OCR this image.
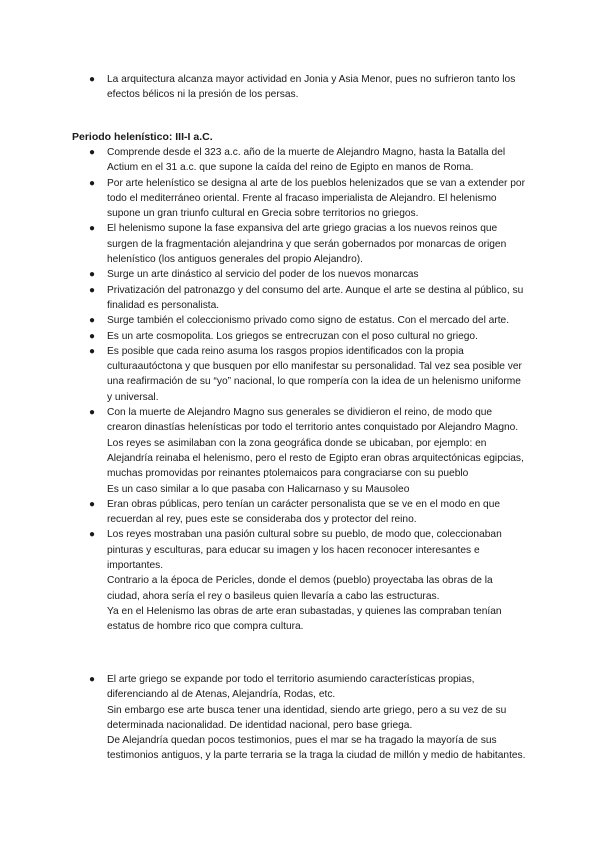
● La arquitectura alcanza mayor actividad en Jonia y Asia Menor, pues no sufrieron tanto los efectos bélicos ni la presión de los persas.

Periodo helenístico: III-I a.C.
● Comprende desde el 323 a.c. año de la muerte de Alejandro Magno, hasta la Batalla del Actium en el 31 a.c. que supone la caída del reino de Egipto en manos de Roma.

● Por arte helenístico se designa al arte de los pueblos helenizados que se van a extender por todo el mediterráneo oriental. Frente al fracaso imperialista de Alejandro. El helenismo supone un gran triunfo cultural en Grecia sobre territorios no griegos.

● El helenismo supone la fase expansiva del arte griego gracias a los nuevos reinos que surgen de la fragmentación alejandrina y que serán gobernados por monarcas de origen helenístico (los antiguos generales del propio Alejandro).

● Surge un arte dinástico al servicio del poder de los nuevos monarcas

● Privatización del patronazgo y del consumo del arte. Aunque el arte se destina al público, su finalidad es personalista.

● Surge también el coleccionismo privado como signo de estatus. Con el mercado del arte.

● Es un arte cosmopolita. Los griegos se entrecruzan con el poso cultural no griego.

● Es posible que cada reino asuma los rasgos propios identificados con la propia culturaautóctona y que busquen por ello manifestar su personalidad. Tal vez sea posible ver una reafirmación de su “yo” nacional, lo que rompería con la idea de un helenismo uniforme y universal.

● Con la muerte de Alejandro Magno sus generales se dividieron el reino, de modo que crearon dinastías helenísticas por todo el territorio antes conquistado por Alejandro Magno. Los reyes se asimilaban con la zona geográfica donde se ubicaban, por ejemplo: en Alejandría reinaba el helenismo, pero el resto de Egipto eran obras arquitectónicas egipcias, muchas promovidas por reinantes ptolemaicos para congraciarse con su pueblo

Es un caso similar a lo que pasaba con Halicarnaso y su Mausoleo

● Eran obras públicas, pero tenían un carácter personalista que se ve en el modo en que recuerdan al rey, pues este se consideraba dos y protector del reino.

● Los reyes mostraban una pasión cultural sobre su pueblo, de modo que, coleccionaban pinturas y esculturas, para educar su imagen y los hacen reconocer interesantes e importantes.

Contrario a la época de Pericles, donde el demos (pueblo) proyectaba las obras de la ciudad, ahora sería el rey o basileus quien llevaría a cabo las estructuras.

Ya en el Helenismo las obras de arte eran subastadas, y quienes las compraban tenían estatus de hombre rico que compra cultura.

● El arte griego se expande por todo el territorio asumiendo características propias, diferenciando al de Atenas, Alejandría, Rodas, etc.

Sin embargo ese arte busca tener una identidad, siendo arte griego, pero a su vez de su determinada nacionalidad. De identidad nacional, pero base griega.

De Alejandría quedan pocos testimonios, pues el mar se ha tragado la mayoría de sus testimonios antiguos, y la parte terraria se la traga la ciudad de millón y medio de habitantes.
